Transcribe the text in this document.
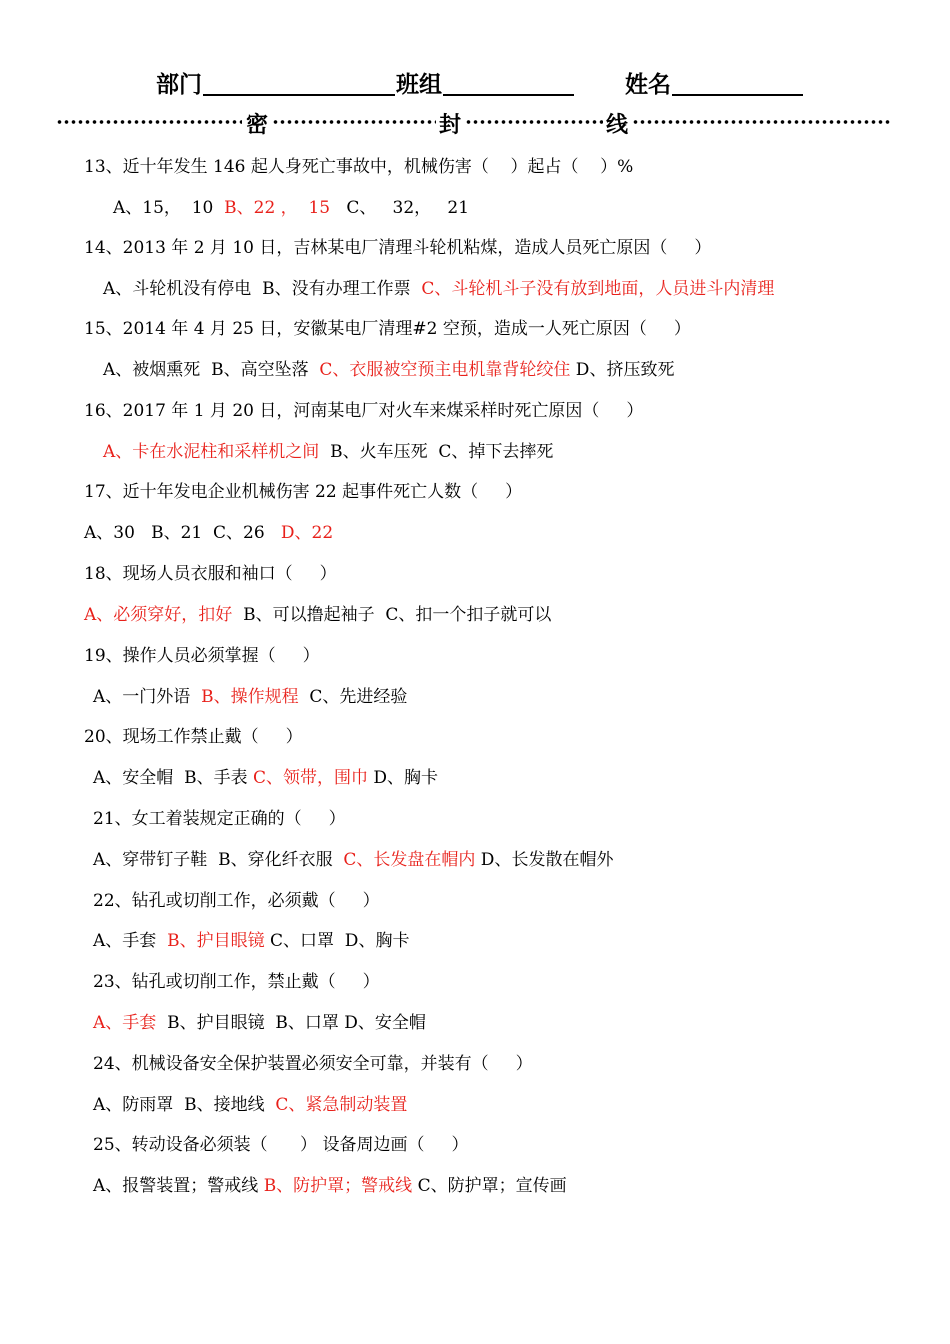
部门	班组	姓名
密	封	线
13、近十年发生 146 起人身死亡事故中，机械伤害（    ）起占（    ）%
A、15，  10  B、22 ，  15   C、   32，   21
14、2013 年 2 月 10 日，吉林某电厂清理斗轮机粘煤，造成人员死亡原因（     ）
A、斗轮机没有停电  B、没有办理工作票  C、斗轮机斗子没有放到地面，人员进斗内清理
15、2014 年 4 月 25 日，安徽某电厂清理#2 空预，造成一人死亡原因（     ）
A、被烟熏死  B、高空坠落  C、衣服被空预主电机靠背轮绞住 D、挤压致死
16、2017 年 1 月 20 日，河南某电厂对火车来煤采样时死亡原因（     ）
A、卡在水泥柱和采样机之间  B、火车压死  C、掉下去摔死
17、近十年发电企业机械伤害 22 起事件死亡人数（     ）
A、30   B、21  C、26   D、22
18、现场人员衣服和袖口（     ）
A、必须穿好，扣好  B、可以撸起袖子  C、扣一个扣子就可以
19、操作人员必须掌握（     ）
A、一门外语  B、操作规程  C、先进经验
20、现场工作禁止戴（     ）
A、安全帽  B、手表 C、领带，围巾 D、胸卡
21、女工着装规定正确的（     ）
A、穿带钉子鞋  B、穿化纤衣服  C、长发盘在帽内 D、长发散在帽外
22、钻孔或切削工作，必须戴（     ）
A、手套  B、护目眼镜 C、口罩  D、胸卡
23、钻孔或切削工作，禁止戴（     ）
A、手套  B、护目眼镜  B、口罩 D、安全帽
24、机械设备安全保护装置必须安全可靠，并装有（     ）
A、防雨罩  B、接地线  C、紧急制动装置
25、转动设备必须装（      ） 设备周边画（     ）
A、报警装置；警戒线 B、防护罩；警戒线 C、防护罩；宣传画
